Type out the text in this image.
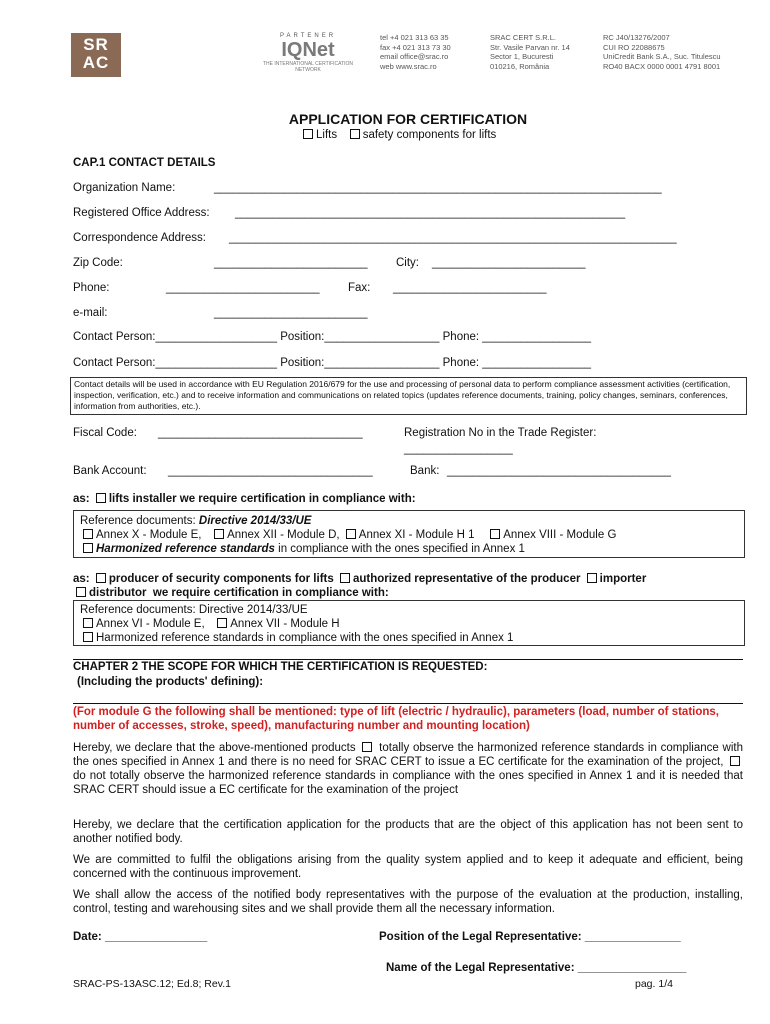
SR
AC
PARTENER
IQNet
THE INTERNATIONAL CERTIFICATION NETWORK
tel +4 021 313 63 35
fax +4 021 313 73 30
email office@srac.ro
web www.srac.ro
SRAC CERT S.R.L.
Str. Vasile Parvan nr. 14
Sector 1, Bucuresti
010216, România
RC J40/13276/2007
CUI RO 22088675
UniCredit Bank S.A., Suc. Titulescu
RO40 BACX 0000 0001 4791 8001
APPLICATION FOR CERTIFICATION
Lifts safety components for lifts
CAP.1 CONTACT DETAILS
Organization Name:	______________________________________________________________________
Registered Office Address: _____________________________________________________________
Correspondence Address: ______________________________________________________________________
Zip Code:	________________________ City: ________________________
Phone:	________________________ Fax: ________________________
e-mail:	________________________
Contact Person:___________________ Position:__________________ Phone: _________________
Contact Person:___________________ Position:__________________ Phone: _________________
Contact details will be used in accordance with EU Regulation 2016/679 for the use and processing of personal data to perform compliance assessment activities (certification, inspection, verification, etc.) and to receive information and communications on related topics (updates reference documents, training, policy changes, seminars, conferences, information from authorities, etc.).
Fiscal Code: ________________________________	Registration No in the Trade Register:
_________________
Bank Account: ________________________________	Bank: ___________________________________
as: lifts installer we require certification in compliance with:
Reference documents: Directive 2014/33/UE
Annex X - Module E, Annex XII - Module D, Annex XI - Module H 1	Annex VIII - Module G
Harmonized reference standards in compliance with the ones specified in Annex 1
as: producer of security components for lifts authorized representative of the producer importer
distributor we require certification in compliance with:
Reference documents: Directive 2014/33/UE
Annex VI - Module E, Annex VII - Module H
Harmonized reference standards in compliance with the ones specified in Annex 1
CHAPTER 2 THE SCOPE FOR WHICH THE CERTIFICATION IS REQUESTED:
(Including the products' defining):
(For module G the following shall be mentioned: type of lift (electric / hydraulic), parameters (load, number of stations, number of accesses, stroke, speed), manufacturing number and mounting location)
Hereby, we declare that the above-mentioned products totally observe the harmonized reference standards in compliance with the ones specified in Annex 1 and there is no need for SRAC CERT to issue a EC certificate for the examination of the project,  do not totally observe the harmonized reference standards in compliance with the ones specified in Annex 1 and it is needed that SRAC CERT should issue a EC certificate for the examination of the project
Hereby, we declare that the certification application for the products that are the object of this application has not been sent to another notified body.
We are committed to fulfil the obligations arising from the quality system applied and to keep it adequate and efficient, being concerned with the continuous improvement.
We shall allow the access of the notified body representatives with the purpose of the evaluation at the production, installing, control, testing and warehousing sites and we shall provide them all the necessary information.
Date: ________________	Position of the Legal Representative: _______________
Name of the Legal Representative: _________________
SRAC-PS-13ASC.12; Ed.8; Rev.1	pag. 1/4
